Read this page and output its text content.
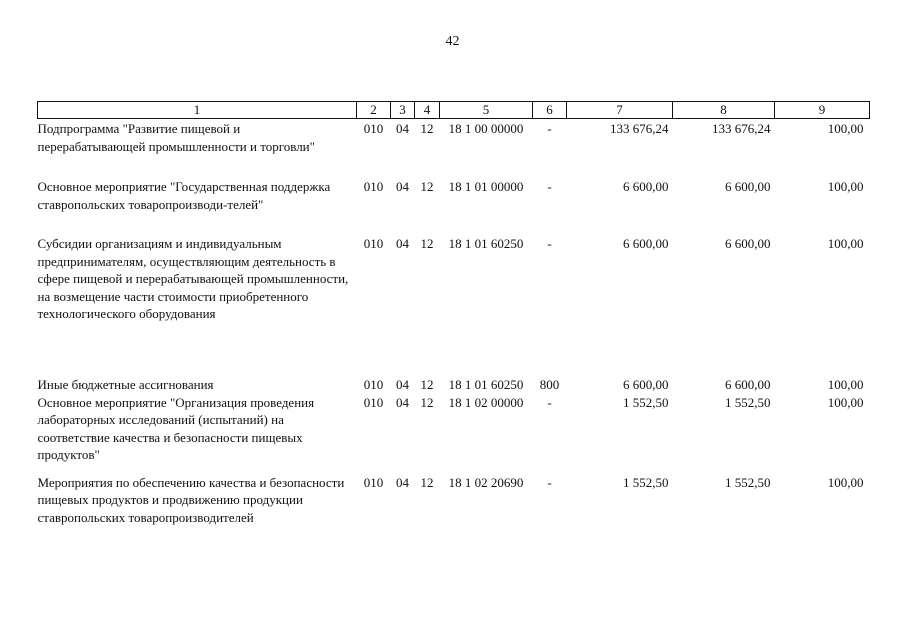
42
1	2	3	4	5	6	7	8	9
Подпрограмма "Развитие пищевой и перерабатывающей промышленности и торговли"	010	04	12	18 1 00 00000	-	133 676,24	133 676,24	100,00
Основное мероприятие "Государственная поддержка ставропольских товаропроизводи-телей"	010	04	12	18 1 01 00000	-	6 600,00	6 600,00	100,00
Субсидии организациям и индивидуальным предпринимателям, осуществляющим деятельность в сфере пищевой и перерабатывающей промышленности, на возмещение части стоимости приобретенного технологического оборудования	010	04	12	18 1 01 60250	-	6 600,00	6 600,00	100,00
Иные бюджетные ассигнования	010	04	12	18 1 01 60250	800	6 600,00	6 600,00	100,00
Основное мероприятие "Организация проведения лабораторных исследований (испытаний) на соответствие качества и безопасности пищевых продуктов"	010	04	12	18 1 02 00000	-	1 552,50	1 552,50	100,00
Мероприятия по обеспечению качества и безопасности пищевых продуктов и продвижению продукции ставропольских товаропроизводителей	010	04	12	18 1 02 20690	-	1 552,50	1 552,50	100,00
